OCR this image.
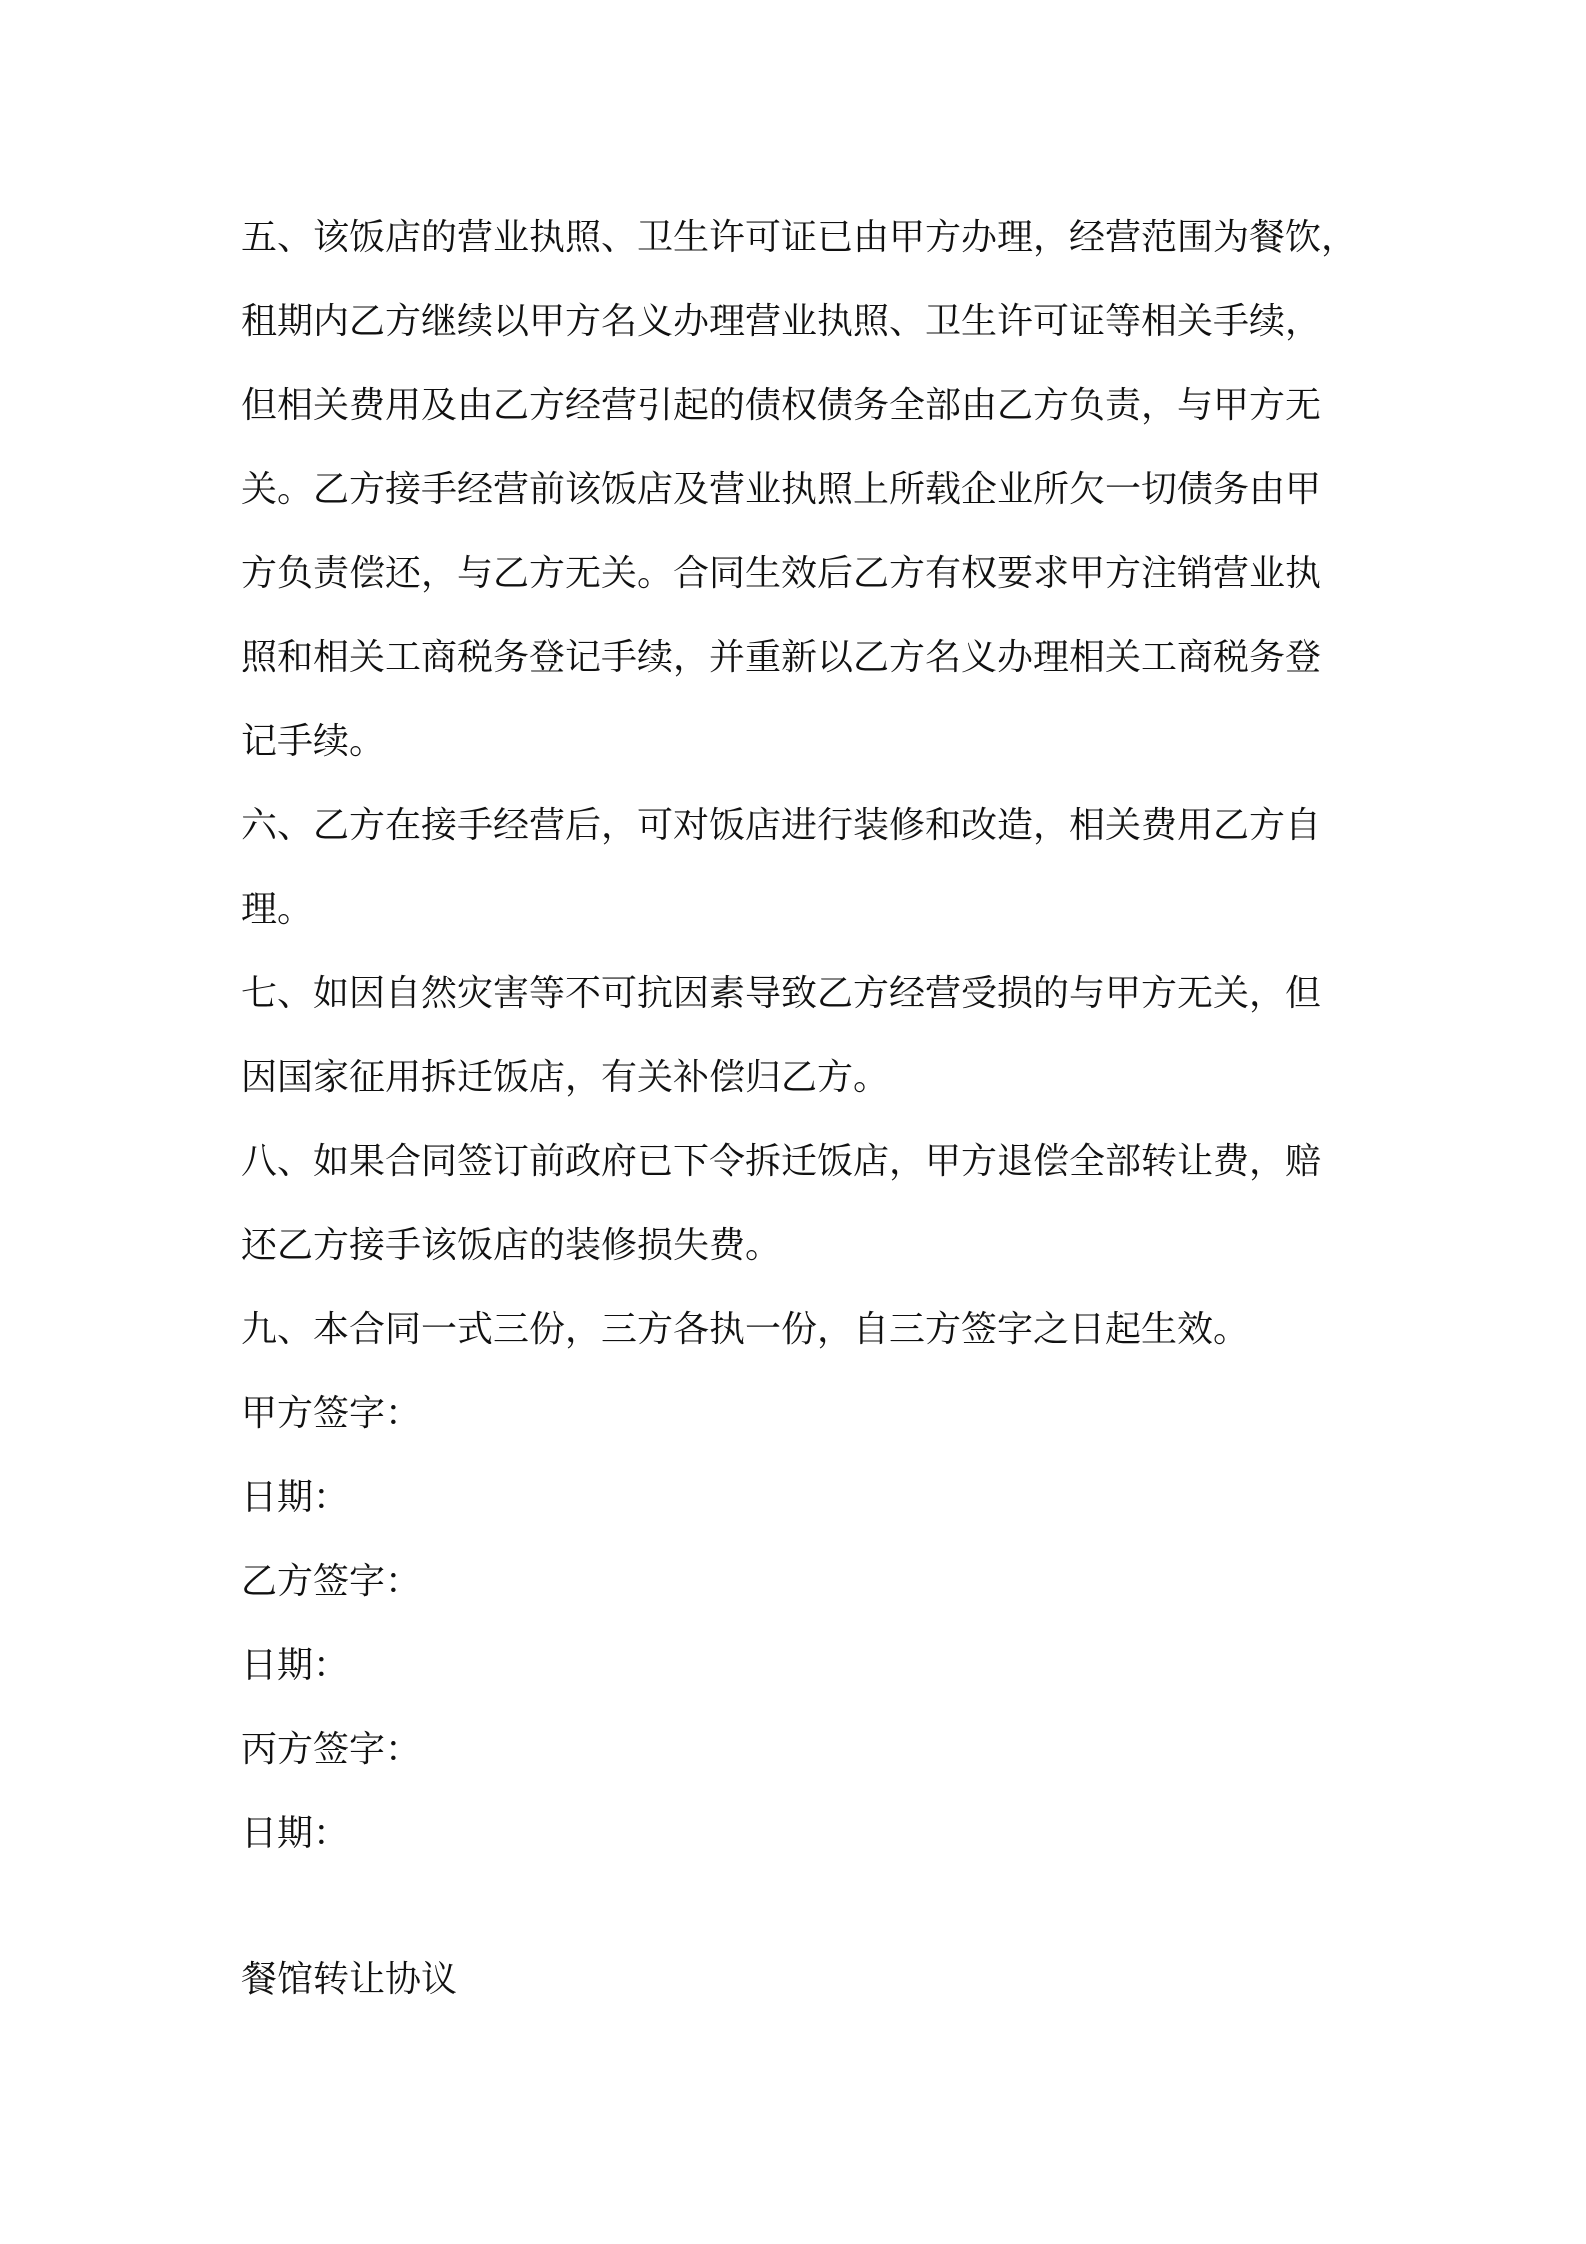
五、该饭店的营业执照、卫生许可证已由甲方办理，经营范围为餐饮，
租期内乙方继续以甲方名义办理营业执照、卫生许可证等相关手续，
但相关费用及由乙方经营引起的债权债务全部由乙方负责，与甲方无
关。乙方接手经营前该饭店及营业执照上所载企业所欠一切债务由甲
方负责偿还，与乙方无关。合同生效后乙方有权要求甲方注销营业执
照和相关工商税务登记手续，并重新以乙方名义办理相关工商税务登
记手续。

六、乙方在接手经营后，可对饭店进行装修和改造，相关费用乙方自
理。

七、如因自然灾害等不可抗因素导致乙方经营受损的与甲方无关，但
因国家征用拆迁饭店，有关补偿归乙方。

八、如果合同签订前政府已下令拆迁饭店，甲方退偿全部转让费，赔
还乙方接手该饭店的装修损失费。

九、本合同一式三份，三方各执一份，自三方签字之日起生效。

甲方签字：
日期：
乙方签字：
日期：
丙方签字：
日期：
餐馆转让协议
